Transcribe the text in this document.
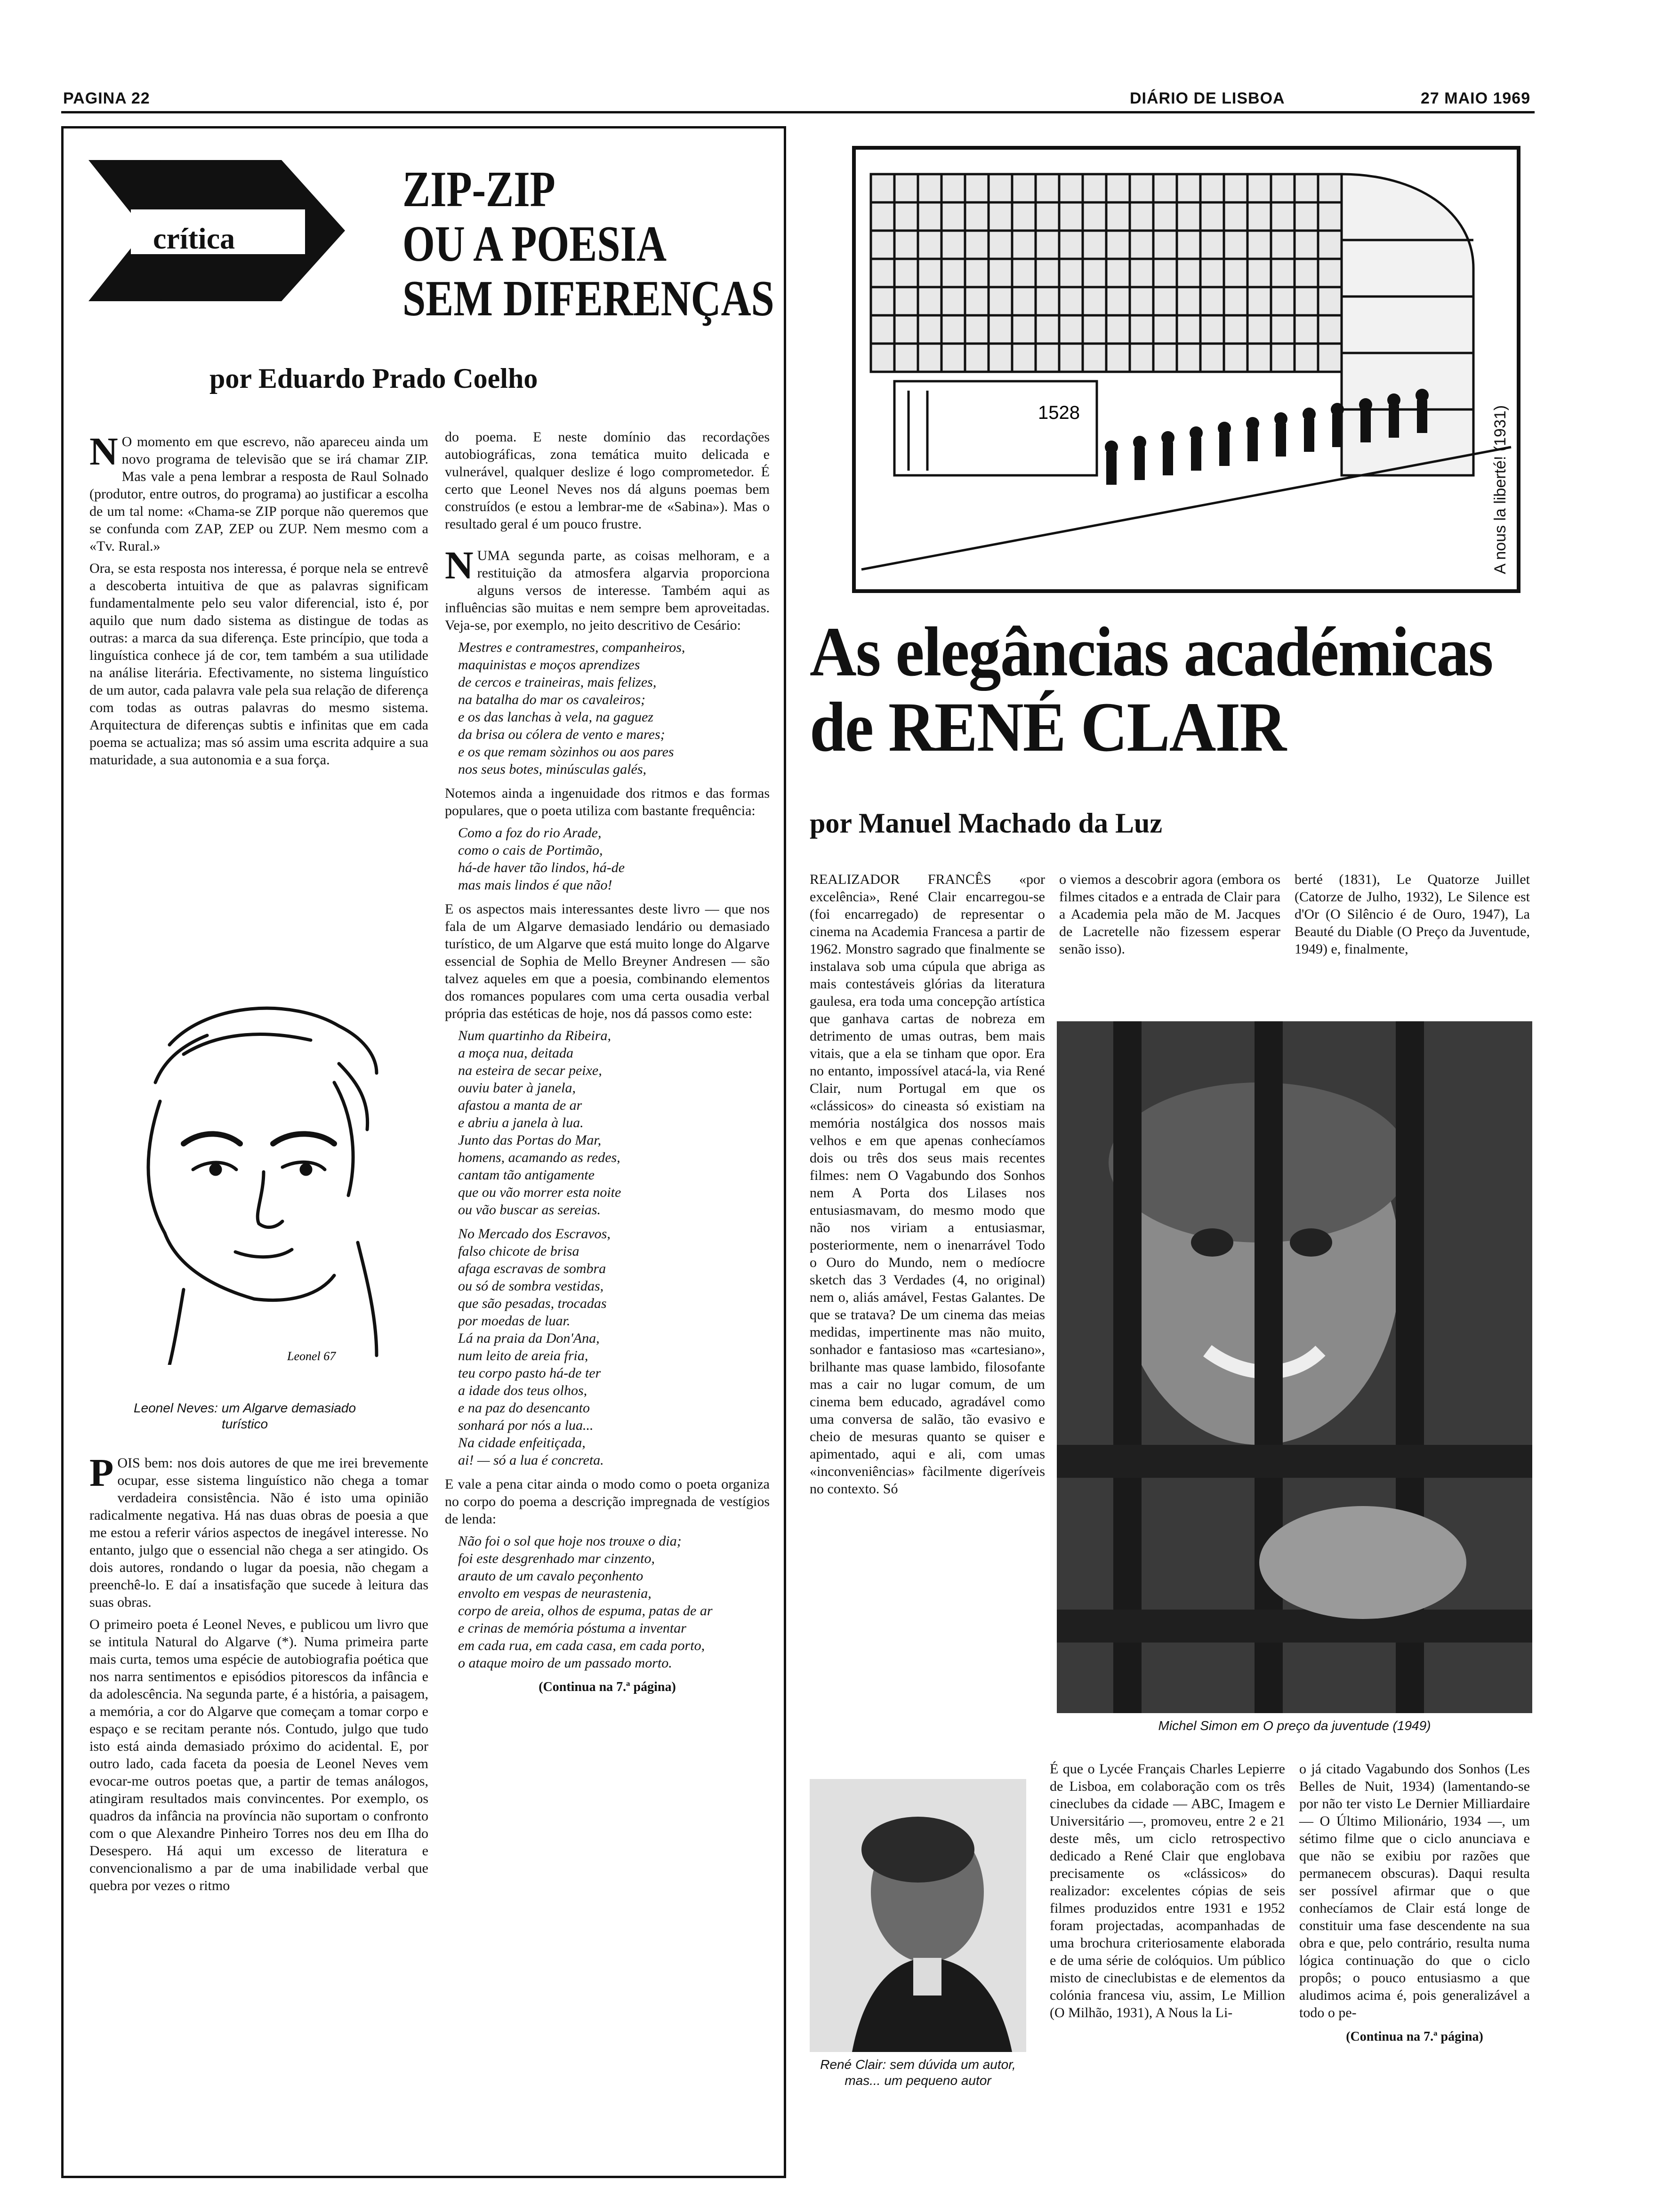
PAGINA 22	DIÁRIO DE LISBOA	27 MAIO 1969
crítica
ZIP-ZIP
OU A POESIA
SEM DIFERENÇAS
por Eduardo Prado Coelho

N O momento em que escrevo, não apareceu ainda um novo programa de televisão que se irá chamar ZIP. Mas vale a pena lembrar a resposta de Raul Solnado (produtor, entre outros, do programa) ao justificar a escolha de um tal nome: «Chama-se ZIP porque não queremos que se confunda com ZAP, ZEP ou ZUP. Nem mesmo com a «Tv. Rural.»

Ora, se esta resposta nos interessa, é porque nela se entrevê a descoberta intuitiva de que as palavras significam fundamentalmente pelo seu valor diferencial, isto é, por aquilo que num dado sistema as distingue de todas as outras: a marca da sua diferença. Este princípio, que toda a linguística conhece já de cor, tem também a sua utilidade na análise literária. Efectivamente, no sistema linguístico de um autor, cada palavra vale pela sua relação de diferença com todas as outras palavras do mesmo sistema. Arquitectura de diferenças subtis e infinitas que em cada poema se actualiza; mas só assim uma escrita adquire a sua maturidade, a sua autonomia e a sua força.

Leonel 67
Leonel Neves: um Algarve demasiado turístico

POIS bem: nos dois autores de que me irei brevemente ocupar, esse sistema linguístico não chega a tomar verdadeira consistência. Não é isto uma opinião radicalmente negativa. Há nas duas obras de poesia a que me estou a referir vários aspectos de inegável interesse. No entanto, julgo que o essencial não chega a ser atingido. Os dois autores, rondando o lugar da poesia, não chegam a preenchê-lo. E daí a insatisfação que sucede à leitura das suas obras.

O primeiro poeta é Leonel Neves, e publicou um livro que se intitula Natural do Algarve (*). Numa primeira parte mais curta, temos uma espécie de autobiografia poética que nos narra sentimentos e episódios pitorescos da infância e da adolescência. Na segunda parte, é a história, a paisagem, a memória, a cor do Algarve que começam a tomar corpo e espaço e se recitam perante nós. Contudo, julgo que tudo isto está ainda demasiado próximo do acidental. E, por outro lado, cada faceta da poesia de Leonel Neves vem evocar-me outros poetas que, a partir de temas análogos, atingiram resultados mais convincentes. Por exemplo, os quadros da infância na província não suportam o confronto com o que Alexandre Pinheiro Torres nos deu em Ilha do Desespero. Há aqui um excesso de literatura e convencionalismo a par de uma inabilidade verbal que quebra por vezes o ritmo

do poema. E neste domínio das recordações autobiográficas, zona temática muito delicada e vulnerável, qualquer deslize é logo comprometedor. É certo que Leonel Neves nos dá alguns poemas bem construídos (e estou a lembrar-me de «Sabina»). Mas o resultado geral é um pouco frustre.

NUMA segunda parte, as coisas melhoram, e a restituição da atmosfera algarvia proporciona alguns versos de interesse. Também aqui as influências são muitas e nem sempre bem aproveitadas. Veja-se, por exemplo, no jeito descritivo de Cesário:

Mestres e contramestres, companheiros,
maquinistas e moços aprendizes
de cercos e traineiras, mais felizes,
na batalha do mar os cavaleiros;
e os das lanchas à vela, na gaguez
da brisa ou cólera de vento e mares;
e os que remam sòzinhos ou aos pares
nos seus botes, minúsculas galés,

Notemos ainda a ingenuidade dos ritmos e das formas populares, que o poeta utiliza com bastante frequência:

Como a foz do rio Arade,
como o cais de Portimão,
há-de haver tão lindos, há-de
mas mais lindos é que não!

E os aspectos mais interessantes deste livro — que nos fala de um Algarve demasiado lendário ou demasiado turístico, de um Algarve que está muito longe do Algarve essencial de Sophia de Mello Breyner Andresen — são talvez aqueles em que a poesia, combinando elementos dos romances populares com uma certa ousadia verbal própria das estéticas de hoje, nos dá passos como este:

Num quartinho da Ribeira,
a moça nua, deitada
na esteira de secar peixe,
ouviu bater à janela,
afastou a manta de ar
e abriu a janela à lua.
Junto das Portas do Mar,
homens, acamando as redes,
cantam tão antigamente
que ou vão morrer esta noite
ou vão buscar as sereias.
No Mercado dos Escravos,
falso chicote de brisa
afaga escravas de sombra
ou só de sombra vestidas,
que são pesadas, trocadas
por moedas de luar.
Lá na praia da Don'Ana,
num leito de areia fria,
teu corpo pasto há-de ter
a idade dos teus olhos,
e na paz do desencanto
sonhará por nós a lua...
Na cidade enfeitiçada,
ai! — só a lua é concreta.

E vale a pena citar ainda o modo como o poeta organiza no corpo do poema a descrição impregnada de vestígios de lenda:

Não foi o sol que hoje nos trouxe o dia;
foi este desgrenhado mar cinzento,
arauto de um cavalo peçonhento
envolto em vespas de neurastenia,
corpo de areia, olhos de espuma, patas de ar
e crinas de memória póstuma a inventar
em cada rua, em cada casa, em cada porto,
o ataque moiro de um passado morto.
(Continua na 7.ª página)
1528	A nous la liberté! (1931)
As elegâncias académicas
de RENÉ CLAIR
por Manuel Machado da Luz

REALIZADOR FRANCÊS «por excelência», René Clair encarregou-se (foi encarregado) de representar o cinema na Academia Francesa a partir de 1962. Monstro sagrado que finalmente se instalava sob uma cúpula que abriga as mais contestáveis glórias da literatura gaulesa, era toda uma concepção artística que ganhava cartas de nobreza em detrimento de umas outras, bem mais vitais, que a ela se tinham que opor. Era no entanto, impossível atacá-la, via René Clair, num Portugal em que os «clássicos» do cineasta só existiam na memória nostálgica dos nossos mais velhos e em que apenas conhecíamos dois ou três dos seus mais recentes filmes: nem O Vagabundo dos Sonhos nem A Porta dos Lilases nos entusiasmavam, do mesmo modo que não nos viriam a entusiasmar, posteriormente, nem o inenarrável Todo o Ouro do Mundo, nem o medíocre sketch das 3 Verdades (4, no original) nem o, aliás amável, Festas Galantes. De que se tratava? De um cinema das meias medidas, impertinente mas não muito, sonhador e fantasioso mas «cartesiano», brilhante mas quase lambido, filosofante mas a cair no lugar comum, de um cinema bem educado, agradável como uma conversa de salão, tão evasivo e cheio de mesuras quanto se quiser e apimentado, aqui e ali, com umas «inconveniências» fàcilmente digeríveis no contexto. Só

o viemos a descobrir agora (embora os filmes citados e a entrada de Clair para a Academia pela mão de M. Jacques de Lacretelle não fizessem esperar senão isso).

berté (1831), Le Quatorze Juillet (Catorze de Julho, 1932), Le Silence est d'Or (O Silêncio é de Ouro, 1947), La Beauté du Diable (O Preço da Juventude, 1949) e, finalmente,

Michel Simon em O preço da juventude (1949)
René Clair: sem dúvida um autor, mas... um pequeno autor

É que o Lycée Français Charles Lepierre de Lisboa, em colaboração com os três cineclubes da cidade — ABC, Imagem e Universitário —, promoveu, entre 2 e 21 deste mês, um ciclo retrospectivo dedicado a René Clair que englobava precisamente os «clássicos» do realizador: excelentes cópias de seis filmes produzidos entre 1931 e 1952 foram projectadas, acompanhadas de uma brochura criteriosamente elaborada e de uma série de colóquios. Um público misto de cineclubistas e de elementos da colónia francesa viu, assim, Le Million (O Milhão, 1931), A Nous la Li-

o já citado Vagabundo dos Sonhos (Les Belles de Nuit, 1934) (lamentando-se por não ter visto Le Dernier Milliardaire — O Último Milionário, 1934 —, um sétimo filme que o ciclo anunciava e que não se exibiu por razões que permanecem obscuras). Daqui resulta ser possível afirmar que o que conhecíamos de Clair está longe de constituir uma fase descendente na sua obra e que, pelo contrário, resulta numa lógica continuação do que o ciclo propôs; o pouco entusiasmo a que aludimos acima é, pois generalizável a todo o pe-

(Continua na 7.ª página)
